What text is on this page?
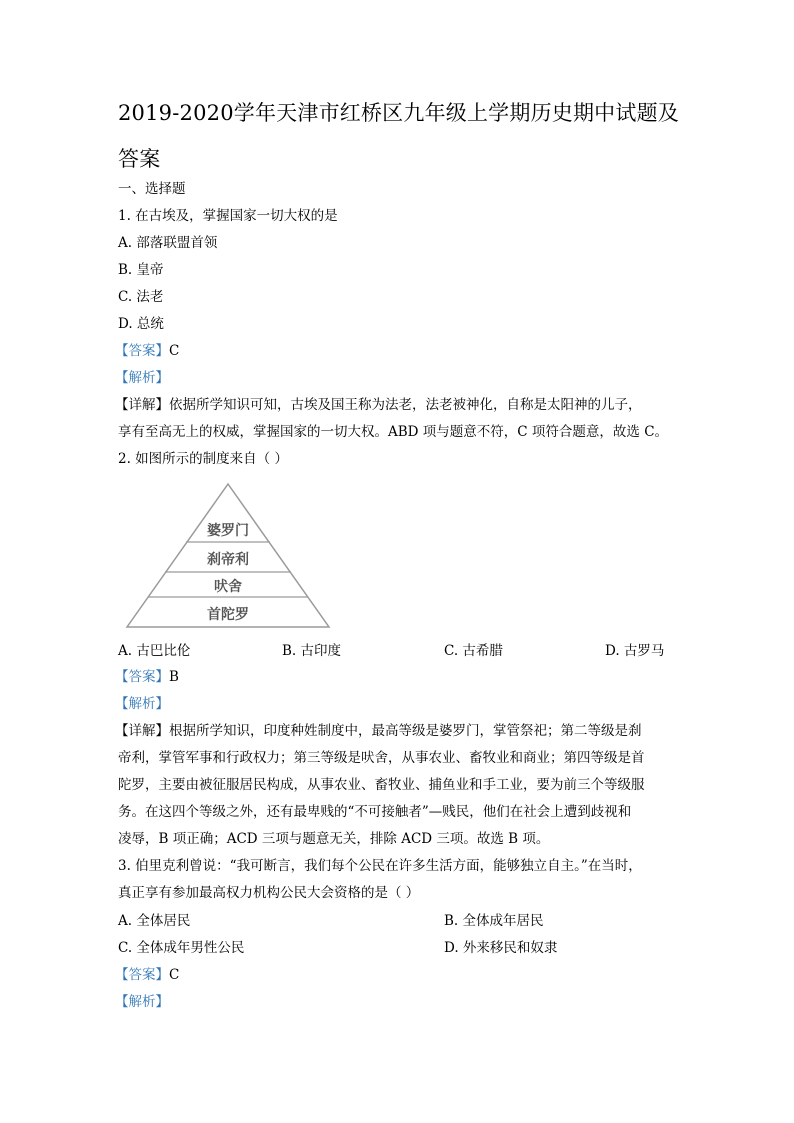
2019-2020学年天津市红桥区九年级上学期历史期中试题及
答案
一、选择题
1. 在古埃及，掌握国家一切大权的是
A. 部落联盟首领
B. 皇帝
C. 法老
D. 总统
【答案】C
【解析】
【详解】依据所学知识可知，古埃及国王称为法老，法老被神化，自称是太阳神的儿子，
享有至高无上的权威，掌握国家的一切大权。ABD 项与题意不符，C 项符合题意，故选 C。
2. 如图所示的制度来自（ ）
婆罗门
刹帝利
吠舍
首陀罗
A. 古巴比伦	B. 古印度	C. 古希腊	D. 古罗马
【答案】B
【解析】
【详解】根据所学知识，印度种姓制度中，最高等级是婆罗门，掌管祭祀；第二等级是刹
帝利，掌管军事和行政权力；第三等级是吠舍，从事农业、畜牧业和商业；第四等级是首
陀罗，主要由被征服居民构成，从事农业、畜牧业、捕鱼业和手工业，要为前三个等级服
务。在这四个等级之外，还有最卑贱的“不可接触者”—贱民，他们在社会上遭到歧视和
凌辱，B 项正确；ACD 三项与题意无关，排除 ACD 三项。故选 B 项。
3. 伯里克利曾说：“我可断言，我们每个公民在许多生活方面，能够独立自主。”在当时，
真正享有参加最高权力机构公民大会资格的是（ ）
A. 全体居民	B. 全体成年居民
C. 全体成年男性公民	D. 外来移民和奴隶
【答案】C
【解析】
